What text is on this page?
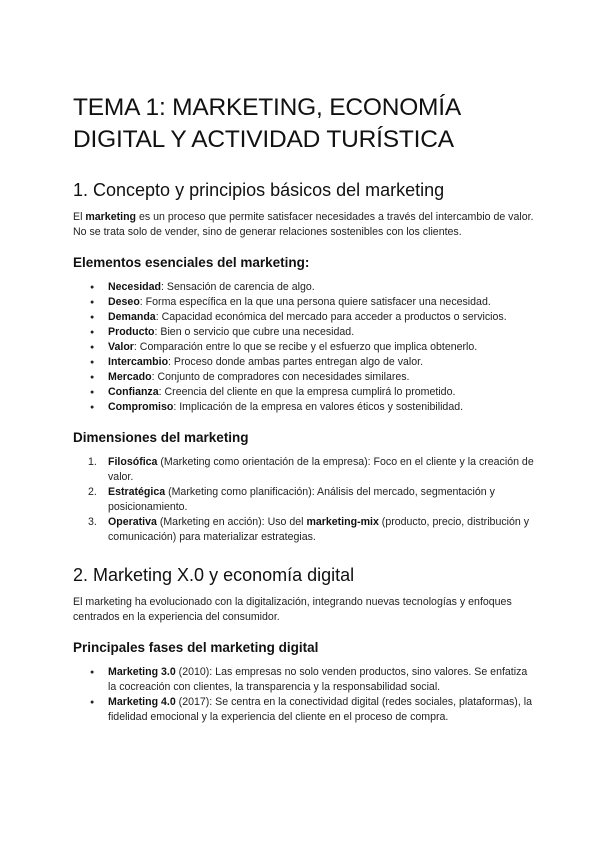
TEMA 1: MARKETING, ECONOMÍA DIGITAL Y ACTIVIDAD TURÍSTICA
1. Concepto y principios básicos del marketing

El marketing es un proceso que permite satisfacer necesidades a través del intercambio de valor. No se trata solo de vender, sino de generar relaciones sostenibles con los clientes.

Elementos esenciales del marketing:
● Necesidad: Sensación de carencia de algo.
● Deseo: Forma específica en la que una persona quiere satisfacer una necesidad.
● Demanda: Capacidad económica del mercado para acceder a productos o servicios.
● Producto: Bien o servicio que cubre una necesidad.
● Valor: Comparación entre lo que se recibe y el esfuerzo que implica obtenerlo.
● Intercambio: Proceso donde ambas partes entregan algo de valor.
● Mercado: Conjunto de compradores con necesidades similares.
● Confianza: Creencia del cliente en que la empresa cumplirá lo prometido.
● Compromiso: Implicación de la empresa en valores éticos y sostenibilidad.
Dimensiones del marketing
1. Filosófica (Marketing como orientación de la empresa): Foco en el cliente y la creación de valor.
2. Estratégica (Marketing como planificación): Análisis del mercado, segmentación y posicionamiento.
3. Operativa (Marketing en acción): Uso del marketing-mix (producto, precio, distribución y comunicación) para materializar estrategias.
2. Marketing X.0 y economía digital

El marketing ha evolucionado con la digitalización, integrando nuevas tecnologías y enfoques centrados en la experiencia del consumidor.

Principales fases del marketing digital
● Marketing 3.0 (2010): Las empresas no solo venden productos, sino valores. Se enfatiza la cocreación con clientes, la transparencia y la responsabilidad social.
● Marketing 4.0 (2017): Se centra en la conectividad digital (redes sociales, plataformas), la fidelidad emocional y la experiencia del cliente en el proceso de compra.
